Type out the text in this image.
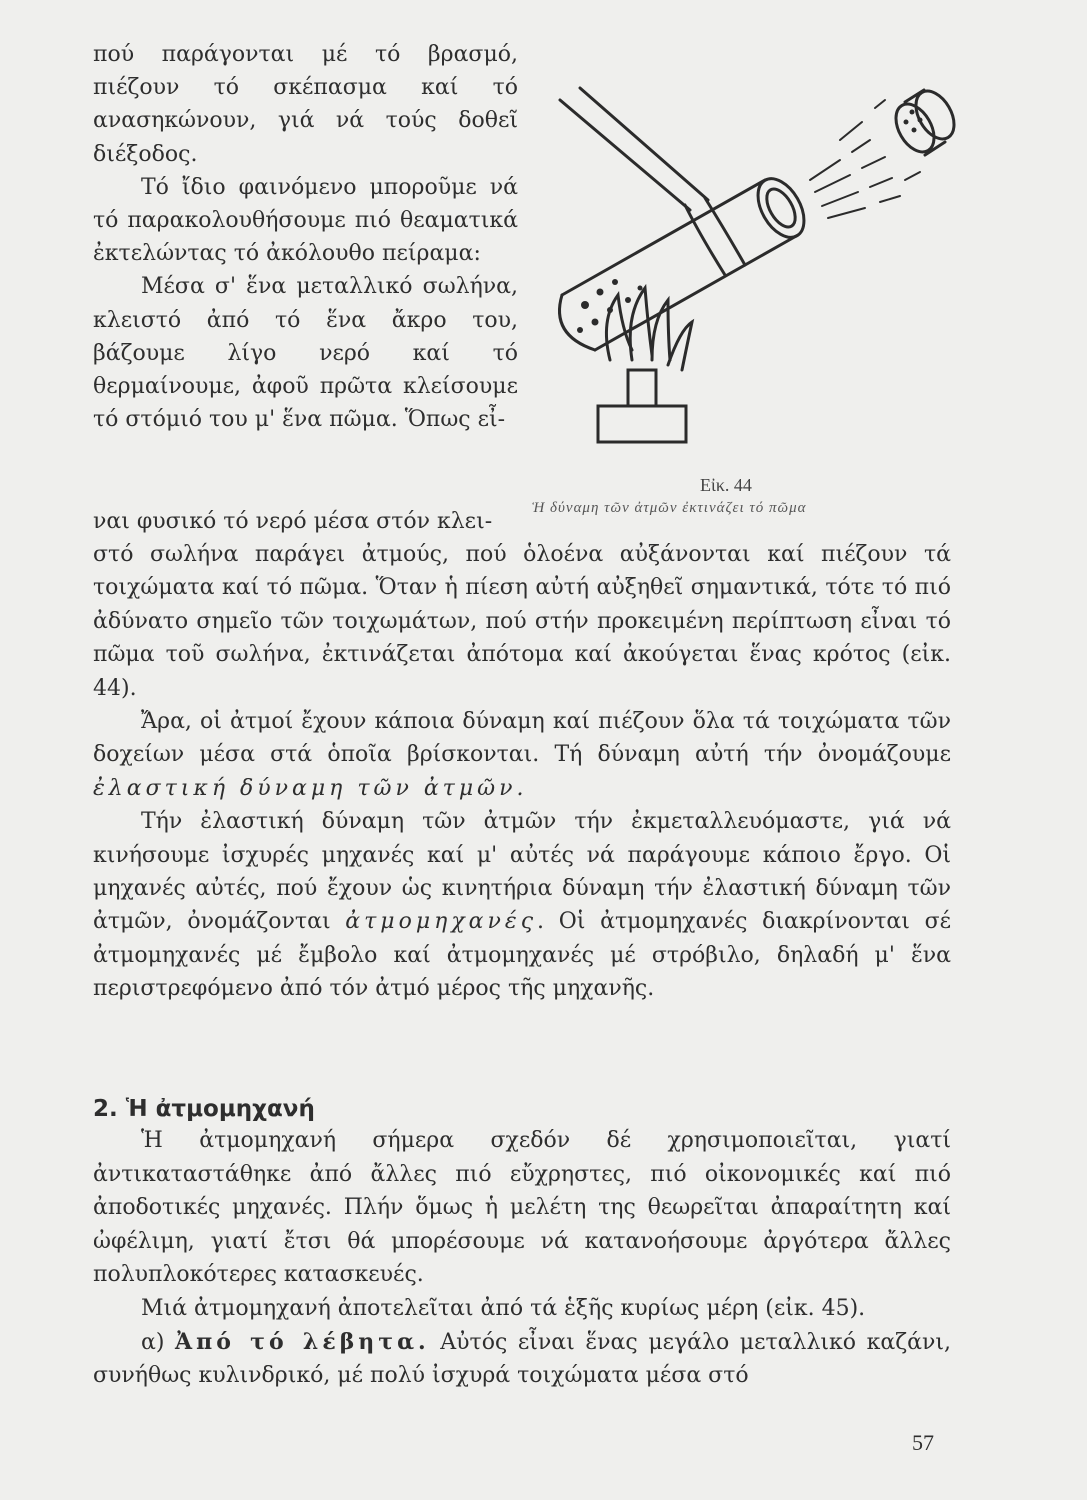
πού παράγονται μέ τό βρασμό, πιέζουν τό σκέπασμα καί τό ανασηκώνουν, γιά νά τούς δοθεῖ διέξοδος.

Τό ἴδιο φαινόμενο μποροῦμε νά τό παρακολουθήσουμε πιό θεαματικά ἐκτελώντας τό ἀκόλουθο πείραμα:

Μέσα σ' ἕνα μεταλλικό σωλήνα, κλειστό ἀπό τό ἕνα ἄκρο του, βάζουμε λίγο νερό καί τό θερμαίνουμε, ἀφοῦ πρῶτα κλείσουμε τό στόμιό του μ' ἕνα πῶμα. Ὅπως εἶ-

Εἰκ. 44
Ἡ δύναμη τῶν ἀτμῶν ἐκτινάζει τό πῶμα
ναι φυσικό τό νερό μέσα στόν κλει-

στό σωλήνα παράγει ἀτμούς, πού ὁλοένα αὐξάνονται καί πιέζουν τά τοιχώματα καί τό πῶμα. Ὅταν ἡ πίεση αὐτή αὐξηθεῖ σημαντικά, τότε τό πιό ἀδύνατο σημεῖο τῶν τοιχωμάτων, πού στήν προκειμένη περίπτωση εἶναι τό πῶμα τοῦ σωλήνα, ἐκτινάζεται ἀπότομα καί ἀκούγεται ἕνας κρότος (εἰκ. 44).

Ἄρα, οἱ ἀτμοί ἔχουν κάποια δύναμη καί πιέζουν ὅλα τά τοιχώματα τῶν δοχείων μέσα στά ὁποῖα βρίσκονται. Τή δύναμη αὐτή τήν ὀνομάζουμε ἐλαστική δύναμη τῶν ἀτμῶν.

Τήν ἐλαστική δύναμη τῶν ἀτμῶν τήν ἐκμεταλλευόμαστε, γιά νά κινήσουμε ἰσχυρές μηχανές καί μ' αὐτές νά παράγουμε κάποιο ἔργο. Οἱ μηχανές αὐτές, πού ἔχουν ὡς κινητήρια δύναμη τήν ἐλαστική δύναμη τῶν ἀτμῶν, ὀνομάζονται ἀτμομηχανές. Οἱ ἀτμομηχανές διακρίνονται σέ ἀτμομηχανές μέ ἔμβολο καί ἀτμομηχανές μέ στρόβιλο, δηλαδή μ' ἕνα περιστρεφόμενο ἀπό τόν ἀτμό μέρος τῆς μηχανῆς.

2. Ἡ ἀτμομηχανή

Ἡ ἀτμομηχανή σήμερα σχεδόν δέ χρησιμοποιεῖται, γιατί ἀντικαταστάθηκε ἀπό ἄλλες πιό εὔχρηστες, πιό οἰκονομικές καί πιό ἀποδοτικές μηχανές. Πλήν ὅμως ἡ μελέτη της θεωρεῖται ἀπαραίτητη καί ὠφέλιμη, γιατί ἔτσι θά μπορέσουμε νά κατανοήσουμε ἀργότερα ἄλλες πολυπλοκότερες κατασκευές.

Μιά ἀτμομηχανή ἀποτελεῖται ἀπό τά ἑξῆς κυρίως μέρη (εἰκ. 45).

α) Ἀπό τό λέβητα. Αὐτός εἶναι ἕνας μεγάλο μεταλλικό καζάνι, συνήθως κυλινδρικό, μέ πολύ ἰσχυρά τοιχώματα μέσα στό

57
